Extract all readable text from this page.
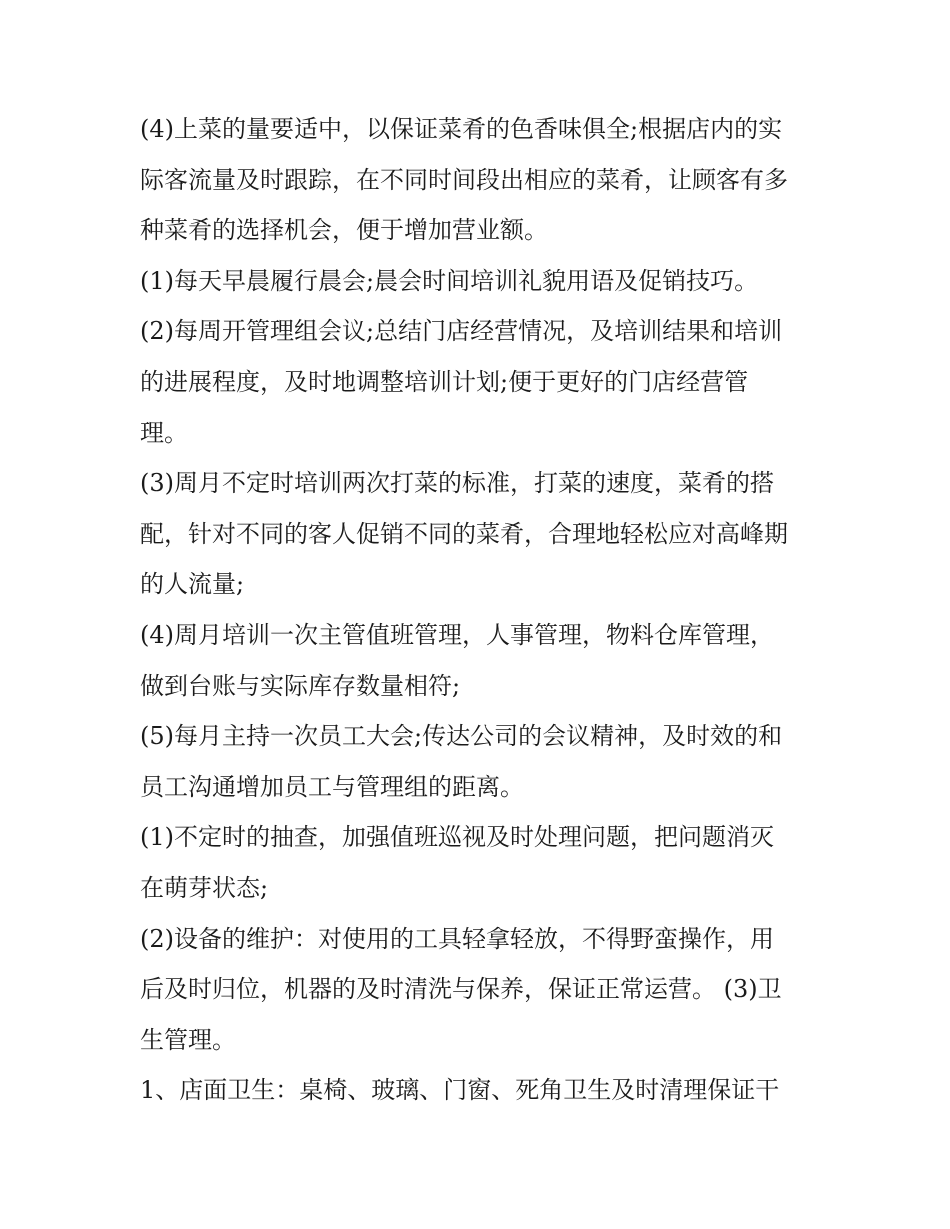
(4)上菜的量要适中，以保证菜肴的色香味俱全;根据店内的实
际客流量及时跟踪，在不同时间段出相应的菜肴，让顾客有多
种菜肴的选择机会，便于增加营业额。
(1)每天早晨履行晨会;晨会时间培训礼貌用语及促销技巧。
(2)每周开管理组会议;总结门店经营情况，及培训结果和培训
的进展程度，及时地调整培训计划;便于更好的门店经营管
理。
(3)周月不定时培训两次打菜的标准，打菜的速度，菜肴的搭
配，针对不同的客人促销不同的菜肴，合理地轻松应对高峰期
的人流量;
(4)周月培训一次主管值班管理，人事管理，物料仓库管理，
做到台账与实际库存数量相符;
(5)每月主持一次员工大会;传达公司的会议精神，及时效的和
员工沟通增加员工与管理组的距离。
(1)不定时的抽查，加强值班巡视及时处理问题，把问题消灭
在萌芽状态;
(2)设备的维护：对使用的工具轻拿轻放，不得野蛮操作，用
后及时归位，机器的及时清洗与保养，保证正常运营。 (3)卫
生管理。
1、店面卫生：桌椅、玻璃、门窗、死角卫生及时清理保证干
